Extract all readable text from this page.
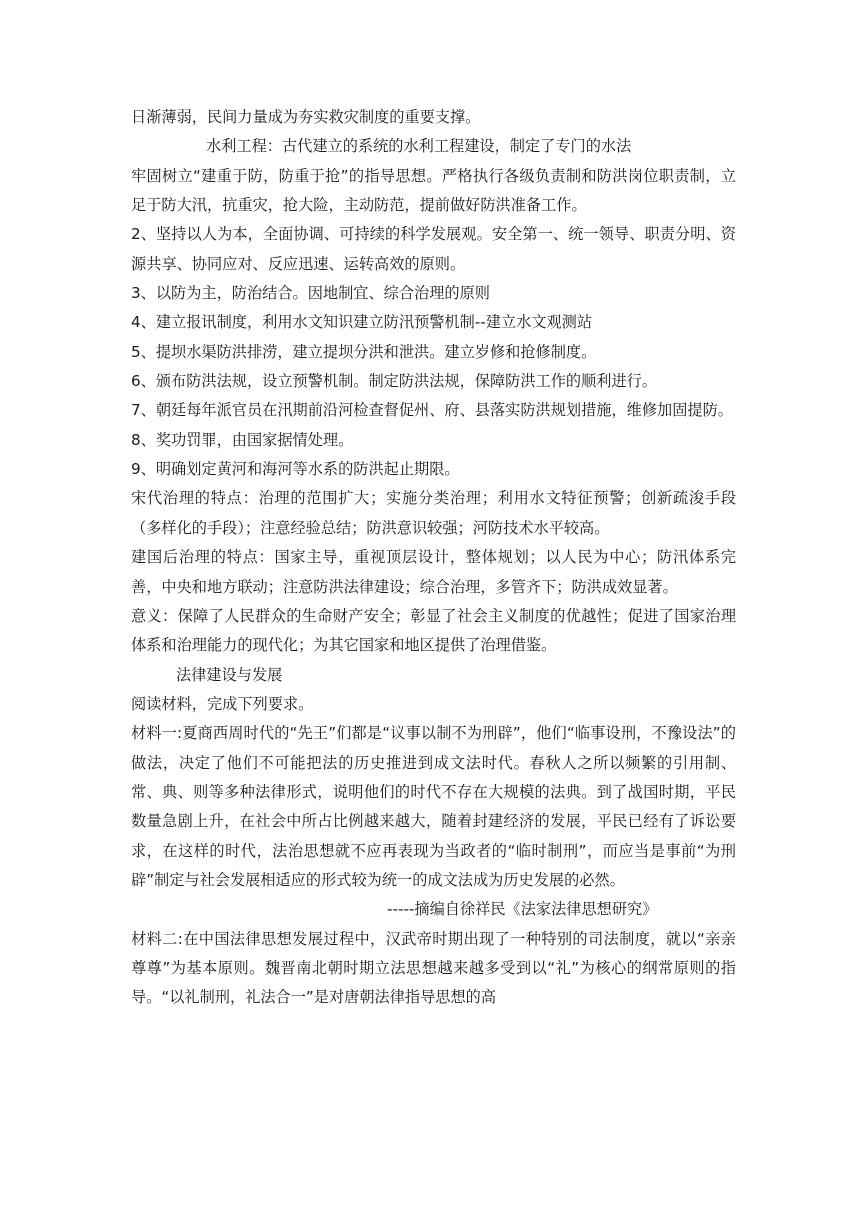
日渐薄弱，民间力量成为夯实救灾制度的重要支撑。

水利工程：古代建立的系统的水利工程建设，制定了专门的水法

牢固树立“建重于防，防重于抢”的指导思想。严格执行各级负责制和防洪岗位职责制，立足于防大汛，抗重灾，抢大险，主动防范，提前做好防洪准备工作。

2、坚持以人为本，全面协调、可持续的科学发展观。安全第一、统一领导、职责分明、资源共享、协同应对、反应迅速、运转高效的原则。

3、以防为主，防治结合。因地制宜、综合治理的原则

4、建立报讯制度，利用水文知识建立防汛预警机制--建立水文观测站

5、提坝水渠防洪排涝，建立提坝分洪和泄洪。建立岁修和抢修制度。

6、颁布防洪法规，设立预警机制。制定防洪法规，保障防洪工作的顺利进行。

7、朝廷每年派官员在汛期前沿河检查督促州、府、县落实防洪规划措施，维修加固提防。

8、奖功罚罪，由国家据情处理。

9、明确划定黄河和海河等水系的防洪起止期限。

宋代治理的特点：治理的范围扩大；实施分类治理；利用水文特征预警；创新疏浚手段（多样化的手段）；注意经验总结；防洪意识较强；河防技术水平较高。

建国后治理的特点：国家主导，重视顶层设计，整体规划；以人民为中心；防汛体系完善，中央和地方联动；注意防洪法律建设；综合治理，多管齐下；防洪成效显著。

意义：保障了人民群众的生命财产安全；彰显了社会主义制度的优越性；促进了国家治理体系和治理能力的现代化；为其它国家和地区提供了治理借鉴。

法律建设与发展

阅读材料，完成下列要求。

材料一:夏商西周时代的“先王”们都是“议事以制不为刑辟”，他们“临事设刑，不豫设法”的做法，决定了他们不可能把法的历史推进到成文法时代。春秋人之所以频繁的引用制、常、典、则等多种法律形式，说明他们的时代不存在大规模的法典。到了战国时期，平民数量急剧上升，在社会中所占比例越来越大，随着封建经济的发展，平民已经有了诉讼要求，在这样的时代，法治思想就不应再表现为当政者的“临时制刑”，而应当是事前“为刑辟”制定与社会发展相适应的形式较为统一的成文法成为历史发展的必然。

-----摘编自徐祥民《法家法律思想研究》

材料二:在中国法律思想发展过程中，汉武帝时期出现了一种特别的司法制度，就以“亲亲尊尊”为基本原则。魏晋南北朝时期立法思想越来越多受到以“礼”为核心的纲常原则的指导。“以礼制刑，礼法合一”是对唐朝法律指导思想的高
